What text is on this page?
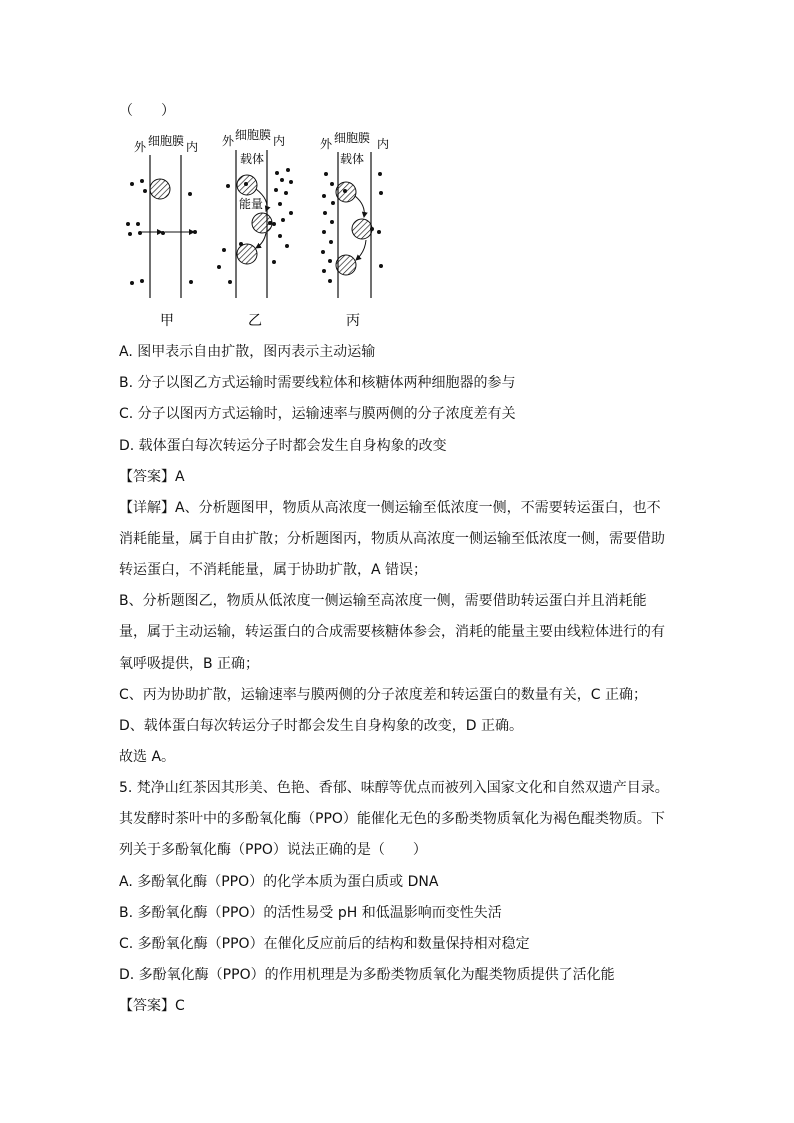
（　　）
外 细胞膜 内
甲
外 细胞膜 内
载体
能量
乙
外 细胞膜 内
载体
丙
A. 图甲表示自由扩散，图丙表示主动运输
B. 分子以图乙方式运输时需要线粒体和核糖体两种细胞器的参与
C. 分子以图丙方式运输时，运输速率与膜两侧的分子浓度差有关
D. 载体蛋白每次转运分子时都会发生自身构象的改变
【答案】A
【详解】A、分析题图甲，物质从高浓度一侧运输至低浓度一侧，不需要转运蛋白，也不
消耗能量，属于自由扩散；分析题图丙，物质从高浓度一侧运输至低浓度一侧，需要借助
转运蛋白，不消耗能量，属于协助扩散，A 错误；
B、分析题图乙，物质从低浓度一侧运输至高浓度一侧，需要借助转运蛋白并且消耗能
量，属于主动运输，转运蛋白的合成需要核糖体参会，消耗的能量主要由线粒体进行的有
氧呼吸提供，B 正确；
C、丙为协助扩散，运输速率与膜两侧的分子浓度差和转运蛋白的数量有关，C 正确；
D、载体蛋白每次转运分子时都会发生自身构象的改变，D 正确。
故选 A。
5. 梵净山红茶因其形美、色艳、香郁、味醇等优点而被列入国家文化和自然双遗产目录。
其发酵时茶叶中的多酚氧化酶（PPO）能催化无色的多酚类物质氧化为褐色醌类物质。下
列关于多酚氧化酶（PPO）说法正确的是（　　）
A. 多酚氧化酶（PPO）的化学本质为蛋白质或 DNA
B. 多酚氧化酶（PPO）的活性易受 pH 和低温影响而变性失活
C. 多酚氧化酶（PPO）在催化反应前后的结构和数量保持相对稳定
D. 多酚氧化酶（PPO）的作用机理是为多酚类物质氧化为醌类物质提供了活化能
【答案】C
